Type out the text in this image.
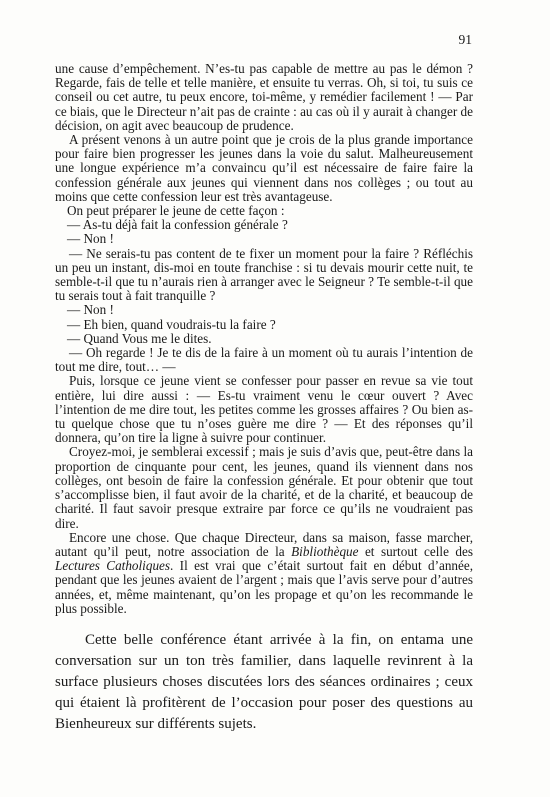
91

une cause d’empêchement. N’es-tu pas capable de mettre au pas le démon ? Regarde, fais de telle et telle manière, et ensuite tu verras. Oh, si toi, tu suis ce conseil ou cet autre, tu peux encore, toi-même, y remédier facilement ! — Par ce biais, que le Directeur n’ait pas de crainte : au cas où il y aurait à changer de décision, on agit avec beaucoup de prudence.

A présent venons à un autre point que je crois de la plus grande importance pour faire bien progresser les jeunes dans la voie du salut. Malheureusement une longue expérience m’a convaincu qu’il est nécessaire de faire faire la confession générale aux jeunes qui viennent dans nos collèges ; ou tout au moins que cette confession leur est très avantageuse.

On peut préparer le jeune de cette façon :

— As-tu déjà fait la confession générale ?

— Non !

— Ne serais-tu pas content de te fixer un moment pour la faire ? Réfléchis un peu un instant, dis-moi en toute franchise : si tu devais mourir cette nuit, te semble-t-il que tu n’aurais rien à arranger avec le Seigneur ? Te semble-t-il que tu serais tout à fait tranquille ?

— Non !

— Eh bien, quand voudrais-tu la faire ?

— Quand Vous me le dites.

— Oh regarde ! Je te dis de la faire à un moment où tu aurais l’intention de tout me dire, tout… —

Puis, lorsque ce jeune vient se confesser pour passer en revue sa vie tout entière, lui dire aussi : — Es-tu vraiment venu le cœur ouvert ? Avec l’intention de me dire tout, les petites comme les grosses affaires ? Ou bien as-tu quelque chose que tu n’oses guère me dire ? — Et des réponses qu’il donnera, qu’on tire la ligne à suivre pour continuer.

Croyez-moi, je semblerai excessif ; mais je suis d’avis que, peut-être dans la proportion de cinquante pour cent, les jeunes, quand ils viennent dans nos collèges, ont besoin de faire la confession générale. Et pour obtenir que tout s’accomplisse bien, il faut avoir de la charité, et de la charité, et beaucoup de charité. Il faut savoir presque extraire par force ce qu’ils ne voudraient pas dire.

Encore une chose. Que chaque Directeur, dans sa maison, fasse marcher, autant qu’il peut, notre association de la Bibliothèque et surtout celle des Lectures Catholiques. Il est vrai que c’était surtout fait en début d’année, pendant que les jeunes avaient de l’argent ; mais que l’avis serve pour d’autres années, et, même maintenant, qu’on les propage et qu’on les recommande le plus possible.

Cette belle conférence étant arrivée à la fin, on entama une conversation sur un ton très familier, dans laquelle revinrent à la surface plusieurs choses discutées lors des séances ordinaires ; ceux qui étaient là profitèrent de l’occasion pour poser des questions au Bienheureux sur différents sujets.
